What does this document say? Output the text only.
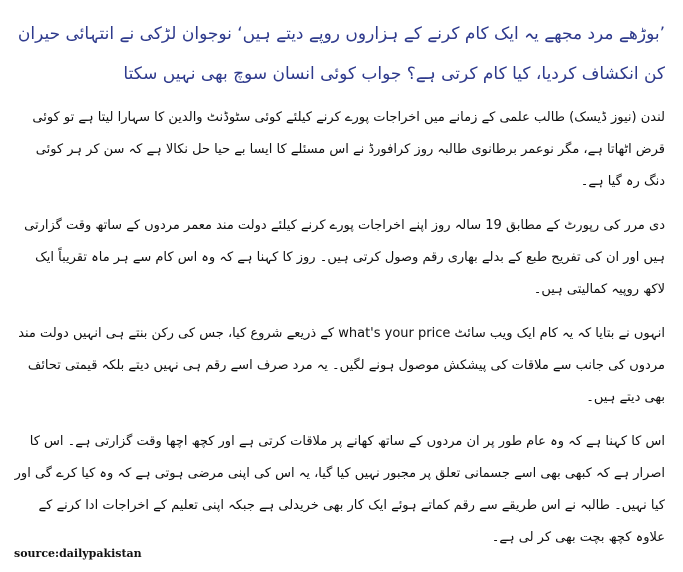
’بوڑھے مرد مجھے یہ ایک کام کرنے کے ہزاروں روپے دیتے ہیں‘ نوجوان لڑکی نے انتہائی حیران کن انکشاف کردیا، کیا کام کرتی ہے؟ جواب کوئی انسان سوچ بھی نہیں سکتا

لندن (نیوز ڈیسک) طالب علمی کے زمانے میں اخراجات پورے کرنے کیلئے کوئی سٹوڈنٹ والدین کا سہارا لیتا ہے تو کوئی قرض اٹھاتا ہے، مگر نوعمر برطانوی طالبہ روز کرافورڈ نے اس مسئلے کا ایسا بے حیا حل نکالا ہے کہ سن کر ہر کوئی دنگ رہ گیا ہے۔

دی مرر کی رپورٹ کے مطابق 19 سالہ روز اپنے اخراجات پورے کرنے کیلئے دولت مند معمر مردوں کے ساتھ وقت گزارتی ہیں اور ان کی تفریح طبع کے بدلے بھاری رقم وصول کرتی ہیں۔ روز کا کہنا ہے کہ وہ اس کام سے ہر ماہ تقریباً ایک لاکھ روپیہ کمالیتی ہیں۔

انہوں نے بتایا کہ یہ کام ایک ویب سائٹ what's your price کے ذریعے شروع کیا، جس کی رکن بنتے ہی انہیں دولت مند مردوں کی جانب سے ملاقات کی پیشکش موصول ہونے لگیں۔ یہ مرد صرف اسے رقم ہی نہیں دیتے بلکہ قیمتی تحائف بھی دیتے ہیں۔

اس کا کہنا ہے کہ وہ عام طور پر ان مردوں کے ساتھ کھانے پر ملاقات کرتی ہے اور کچھ اچھا وقت گزارتی ہے۔ اس کا اصرار ہے کہ کبھی بھی اسے جسمانی تعلق پر مجبور نہیں کیا گیا، یہ اس کی اپنی مرضی ہوتی ہے کہ وہ کیا کرے گی اور کیا نہیں۔ طالبہ نے اس طریقے سے رقم کماتے ہوئے ایک کار بھی خریدلی ہے جبکہ اپنی تعلیم کے اخراجات ادا کرنے کے علاوہ کچھ بچت بھی کر لی ہے۔

source:dailypakistan
